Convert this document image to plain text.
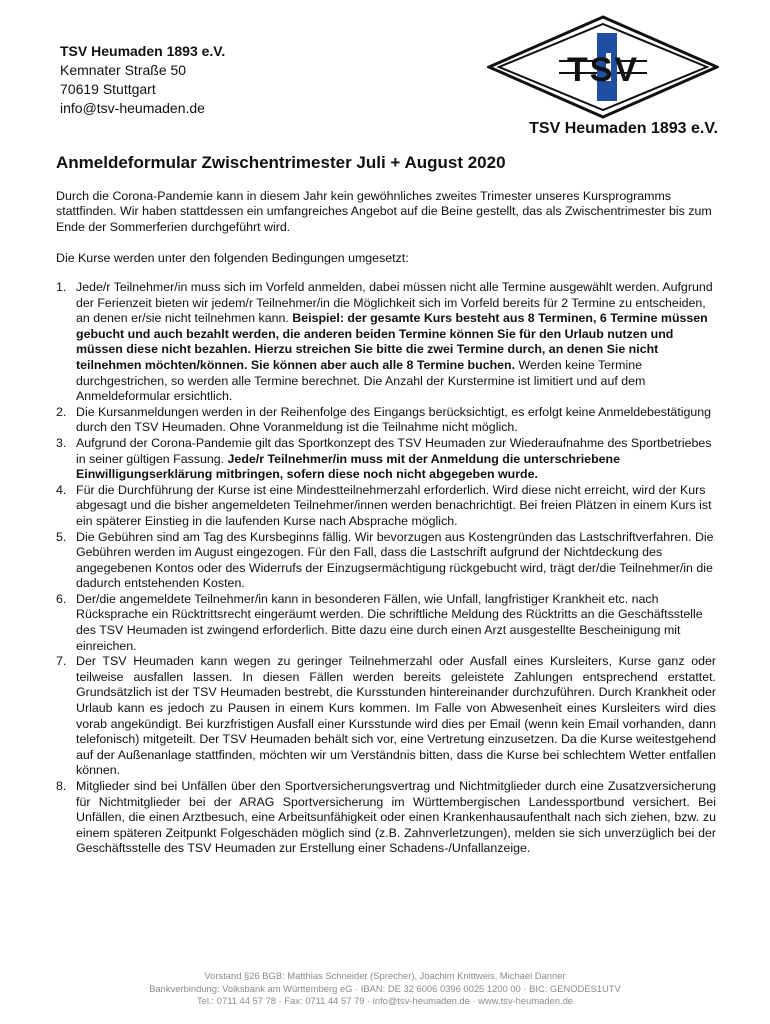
TSV Heumaden 1893 e.V.
Kemnater Straße 50
70619 Stuttgart
info@tsv-heumaden.de
TSV
TSV Heumaden 1893 e.V.
Anmeldeformular Zwischentrimester Juli + August 2020
Durch die Corona-Pandemie kann in diesem Jahr kein gewöhnliches zweites Trimester unseres Kursprogramms stattfinden. Wir haben stattdessen ein umfangreiches Angebot auf die Beine gestellt, das als Zwischentrimester bis zum Ende der Sommerferien durchgeführt wird.
Die Kurse werden unter den folgenden Bedingungen umgesetzt:
1. Jede/r Teilnehmer/in muss sich im Vorfeld anmelden, dabei müssen nicht alle Termine ausgewählt werden. Aufgrund der Ferienzeit bieten wir jedem/r Teilnehmer/in die Möglichkeit sich im Vorfeld bereits für 2 Termine zu entscheiden, an denen er/sie nicht teilnehmen kann. Beispiel: der gesamte Kurs besteht aus 8 Terminen, 6 Termine müssen gebucht und auch bezahlt werden, die anderen beiden Termine können Sie für den Urlaub nutzen und müssen diese nicht bezahlen. Hierzu streichen Sie bitte die zwei Termine durch, an denen Sie nicht teilnehmen möchten/können. Sie können aber auch alle 8 Termine buchen. Werden keine Termine durchgestrichen, so werden alle Termine berechnet. Die Anzahl der Kurstermine ist limitiert und auf dem Anmeldeformular ersichtlich.
2. Die Kursanmeldungen werden in der Reihenfolge des Eingangs berücksichtigt, es erfolgt keine Anmeldebestätigung durch den TSV Heumaden. Ohne Voranmeldung ist die Teilnahme nicht möglich.
3. Aufgrund der Corona-Pandemie gilt das Sportkonzept des TSV Heumaden zur Wiederaufnahme des Sportbetriebes in seiner gültigen Fassung. Jede/r Teilnehmer/in muss mit der Anmeldung die unterschriebene Einwilligungserklärung mitbringen, sofern diese noch nicht abgegeben wurde.
4. Für die Durchführung der Kurse ist eine Mindestteilnehmerzahl erforderlich. Wird diese nicht erreicht, wird der Kurs abgesagt und die bisher angemeldeten Teilnehmer/innen werden benachrichtigt. Bei freien Plätzen in einem Kurs ist ein späterer Einstieg in die laufenden Kurse nach Absprache möglich.
5. Die Gebühren sind am Tag des Kursbeginns fällig. Wir bevorzugen aus Kostengründen das Lastschriftverfahren. Die Gebühren werden im August eingezogen. Für den Fall, dass die Lastschrift aufgrund der Nichtdeckung des angegebenen Kontos oder des Widerrufs der Einzugsermächtigung rückgebucht wird, trägt der/die Teilnehmer/in die dadurch entstehenden Kosten.
6. Der/die angemeldete Teilnehmer/in kann in besonderen Fällen, wie Unfall, langfristiger Krankheit etc. nach Rücksprache ein Rücktrittsrecht eingeräumt werden. Die schriftliche Meldung des Rücktritts an die Geschäftsstelle des TSV Heumaden ist zwingend erforderlich. Bitte dazu eine durch einen Arzt ausgestellte Bescheinigung mit einreichen.
7. Der TSV Heumaden kann wegen zu geringer Teilnehmerzahl oder Ausfall eines Kursleiters, Kurse ganz oder teilweise ausfallen lassen. In diesen Fällen werden bereits geleistete Zahlungen entsprechend erstattet. Grundsätzlich ist der TSV Heumaden bestrebt, die Kursstunden hintereinander durchzuführen. Durch Krankheit oder Urlaub kann es jedoch zu Pausen in einem Kurs kommen. Im Falle von Abwesenheit eines Kursleiters wird dies vorab angekündigt. Bei kurzfristigen Ausfall einer Kursstunde wird dies per Email (wenn kein Email vorhanden, dann telefonisch) mitgeteilt. Der TSV Heumaden behält sich vor, eine Vertretung einzusetzen. Da die Kurse weitestgehend auf der Außenanlage stattfinden, möchten wir um Verständnis bitten, dass die Kurse bei schlechtem Wetter entfallen können.
8. Mitglieder sind bei Unfällen über den Sportversicherungsvertrag und Nichtmitglieder durch eine Zusatzversicherung für Nichtmitglieder bei der ARAG Sportversicherung im Württembergischen Landessportbund versichert. Bei Unfällen, die einen Arztbesuch, eine Arbeitsunfähigkeit oder einen Krankenhausaufenthalt nach sich ziehen, bzw. zu einem späteren Zeitpunkt Folgeschäden möglich sind (z.B. Zahnverletzungen), melden sie sich unverzüglich bei der Geschäftsstelle des TSV Heumaden zur Erstellung einer Schadens-/Unfallanzeige.
Vorstand §26 BGB: Matthias Schneider (Sprecher), Joachim Knittweis, Michael Danner
Bankverbindung: Volksbank am Württemberg eG · IBAN: DE 32 6006 0396 0025 1200 00 · BIC: GENODES1UTV
Tel.: 0711 44 57 78 · Fax: 0711 44 57 79 · info@tsv-heumaden.de · www.tsv-heumaden.de
